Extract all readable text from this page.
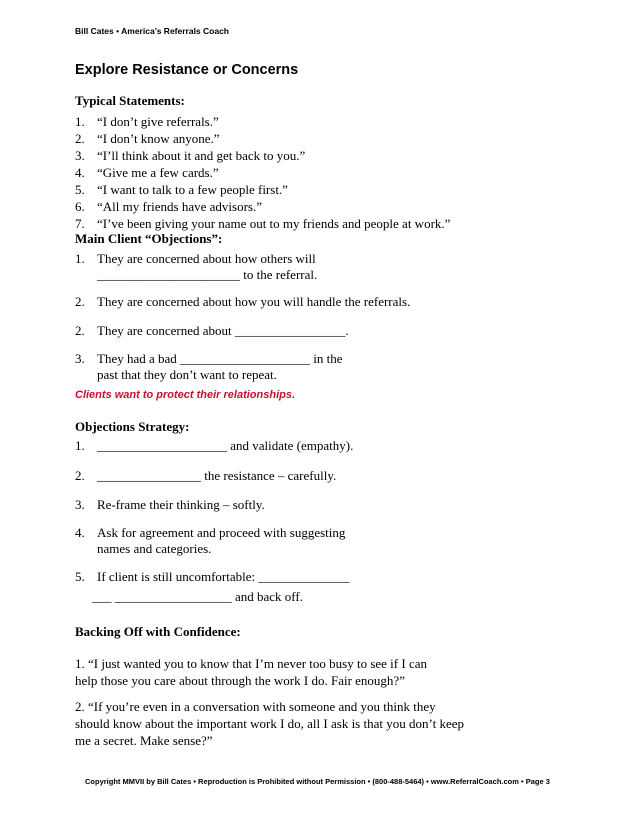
Bill Cates • America’s Referrals Coach
Explore Resistance or Concerns
Typical Statements:
1. “I don’t give referrals.”
2. “I don’t know anyone.”
3. “I’ll think about it and get back to you.”
4. “Give me a few cards.”
5. “I want to talk to a few people first.”
6. “All my friends have advisors.”
7. “I’ve been giving your name out to my friends and people at work.”
Main Client “Objections”:
1. They are concerned about how others will
______________________ to the referral.
2. They are concerned about how you will handle the referrals.
2. They are concerned about _________________.
3. They had a bad ____________________ in the
past that they don’t want to repeat.
Clients want to protect their relationships.
Objections Strategy:
1. ____________________ and validate (empathy).
2. ________________ the resistance – carefully.
3. Re-frame their thinking – softly.
4. Ask for agreement and proceed with suggesting
names and categories.
5. If client is still uncomfortable: ______________
___ __________________ and back off.
Backing Off with Confidence:
1. “I just wanted you to know that I’m never too busy to see if I can
help those you care about through the work I do. Fair enough?”
2. “If you’re even in a conversation with someone and you think they
should know about the important work I do, all I ask is that you don’t keep
me a secret. Make sense?”
Copyright MMVII by Bill Cates • Reproduction is Prohibited without Permission • (800-488-5464) • www.ReferralCoach.com • Page 3
